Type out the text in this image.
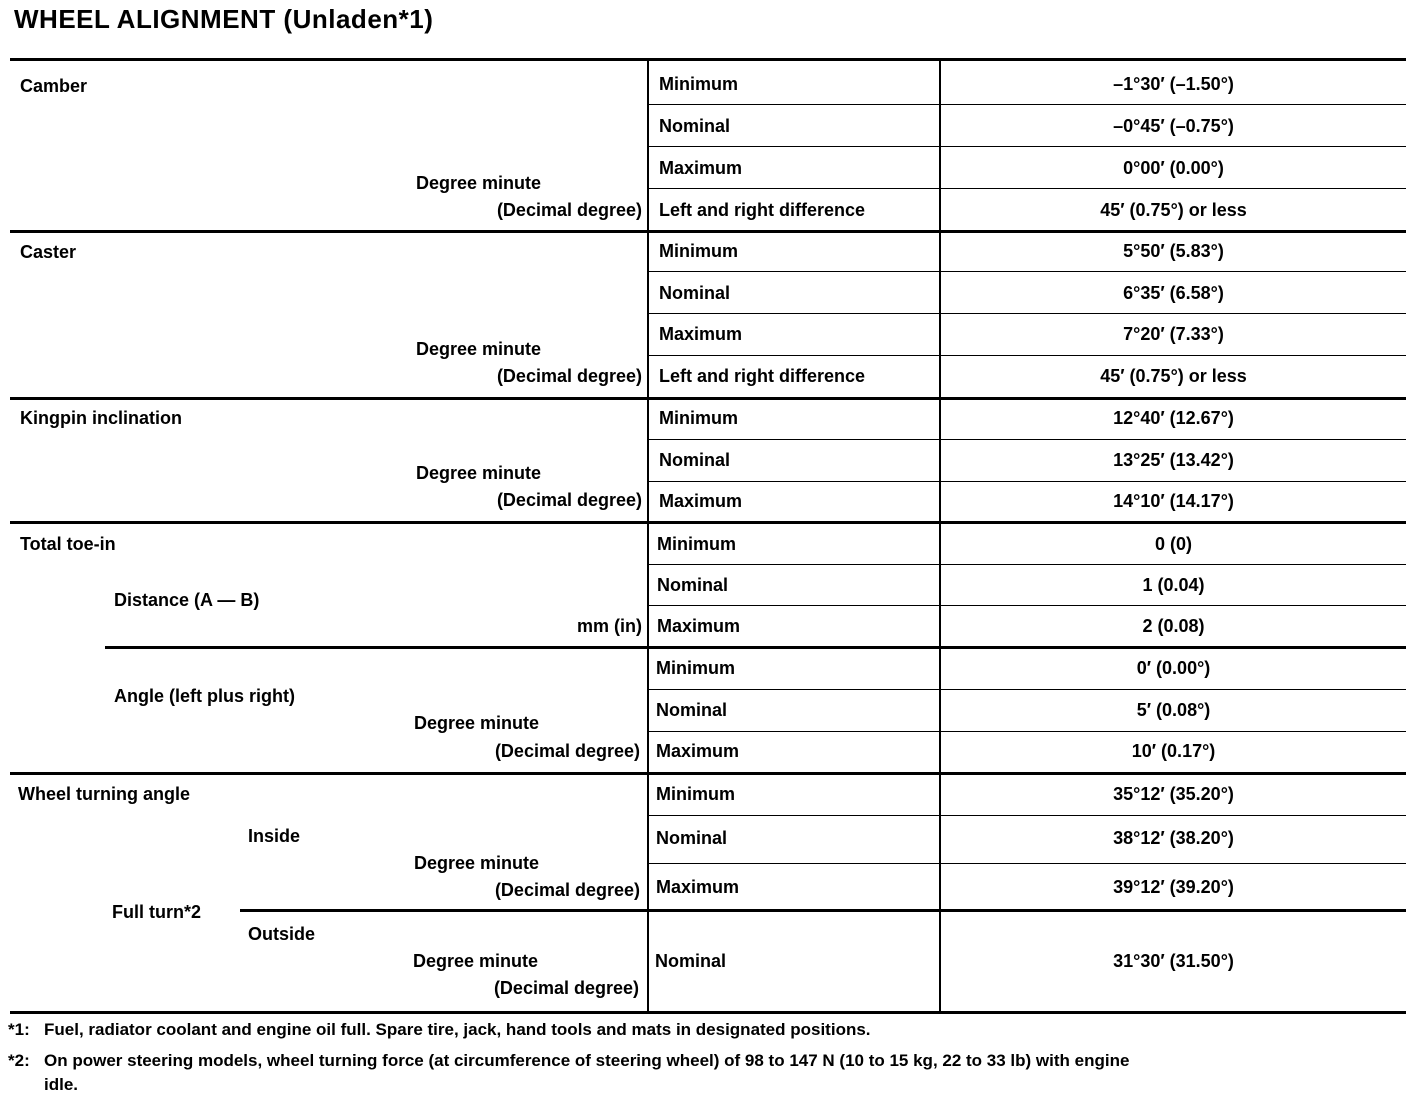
WHEEL ALIGNMENT (Unladen*1)
Camber
Caster
Kingpin inclination
Total toe-in
Distance (A — B)
Angle (left plus right)
Wheel turning angle
Full turn*2
Inside
Outside
Degree minute
(Decimal degree)
Degree minute
(Decimal degree)
Degree minute
(Decimal degree)
mm (in)
Degree minute
(Decimal degree)
Degree minute
(Decimal degree)
Degree minute
(Decimal degree)
Minimum
Nominal
Maximum
Left and right difference
Minimum
Nominal
Maximum
Left and right difference
Minimum
Nominal
Maximum
Minimum
Nominal
Maximum
Minimum
Nominal
Maximum
Minimum
Nominal
Maximum
Nominal
–1°30′ (–1.50°)
–0°45′ (–0.75°)
0°00′ (0.00°)
45′ (0.75°) or less
5°50′ (5.83°)
6°35′ (6.58°)
7°20′ (7.33°)
45′ (0.75°) or less
12°40′ (12.67°)
13°25′ (13.42°)
14°10′ (14.17°)
0 (0)
1 (0.04)
2 (0.08)
0′ (0.00°)
5′ (0.08°)
10′ (0.17°)
35°12′ (35.20°)
38°12′ (38.20°)
39°12′ (39.20°)
31°30′ (31.50°)
*1: Fuel, radiator coolant and engine oil full. Spare tire, jack, hand tools and mats in designated positions.
*2: On power steering models, wheel turning force (at circumference of steering wheel) of 98 to 147 N (10 to 15 kg, 22 to 33 lb) with engine
idle.
